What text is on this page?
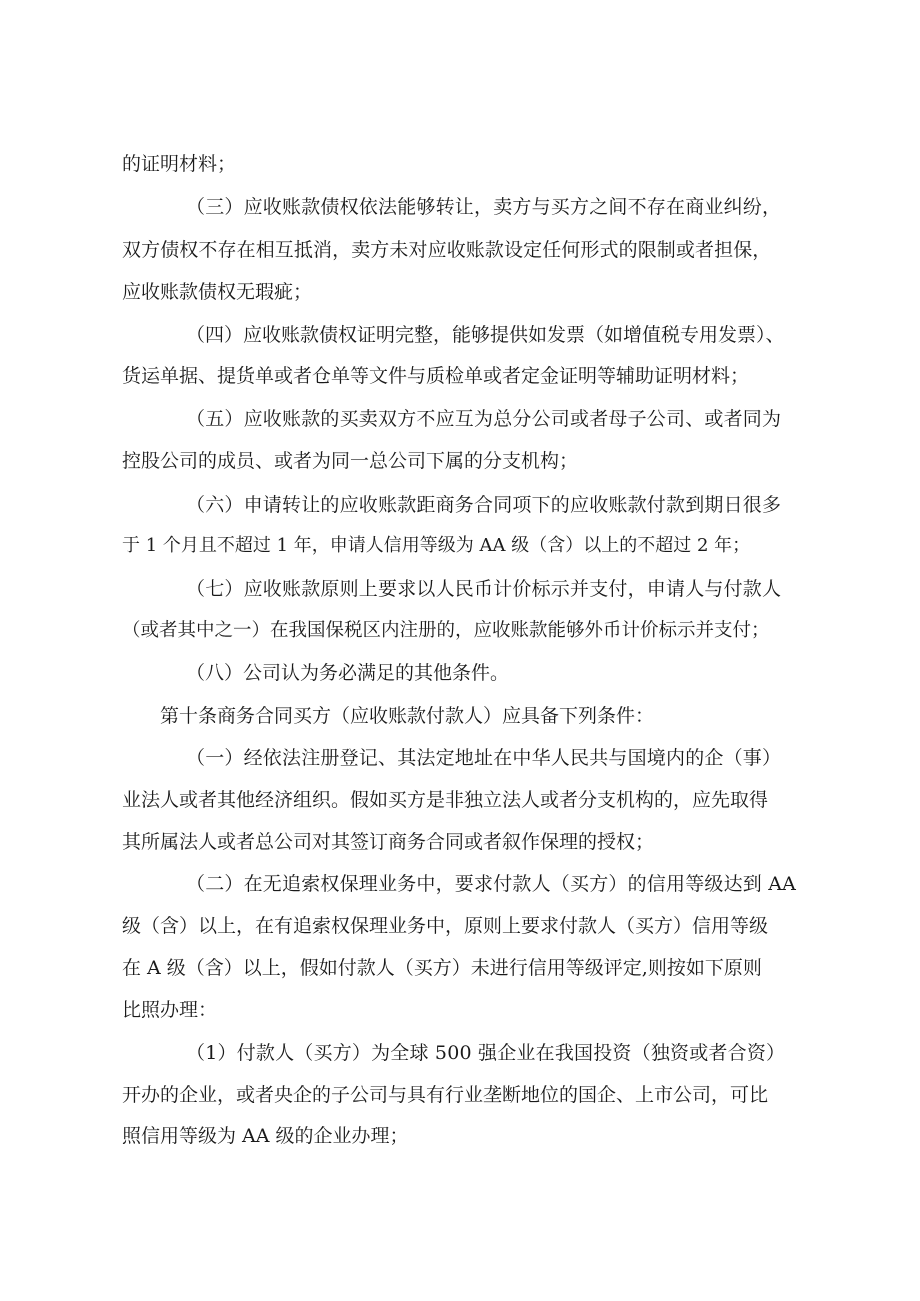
的证明材料；

（三）应收账款债权依法能够转让，卖方与买方之间不存在商业纠纷，

双方债权不存在相互抵消，卖方未对应收账款设定任何形式的限制或者担保，

应收账款债权无瑕疵；

（四）应收账款债权证明完整，能够提供如发票（如增值税专用发票）、

货运单据、提货单或者仓单等文件与质检单或者定金证明等辅助证明材料；

（五）应收账款的买卖双方不应互为总分公司或者母子公司、或者同为

控股公司的成员、或者为同一总公司下属的分支机构；

（六）申请转让的应收账款距商务合同项下的应收账款付款到期日很多

于 1 个月且不超过 1 年，申请人信用等级为 AA 级（含）以上的不超过 2 年；

（七）应收账款原则上要求以人民币计价标示并支付，申请人与付款人

（或者其中之一）在我国保税区内注册的，应收账款能够外币计价标示并支付；

（八）公司认为务必满足的其他条件。

第十条商务合同买方（应收账款付款人）应具备下列条件：

（一）经依法注册登记、其法定地址在中华人民共与国境内的企（事）

业法人或者其他经济组织。假如买方是非独立法人或者分支机构的，应先取得

其所属法人或者总公司对其签订商务合同或者叙作保理的授权；

（二）在无追索权保理业务中，要求付款人（买方）的信用等级达到 AA

级（含）以上，在有追索权保理业务中，原则上要求付款人（买方）信用等级

在 A 级（含）以上，假如付款人（买方）未进行信用等级评定,则按如下原则

比照办理：

（1）付款人（买方）为全球 500 强企业在我国投资（独资或者合资）

开办的企业，或者央企的子公司与具有行业垄断地位的国企、上市公司，可比

照信用等级为 AA 级的企业办理；
